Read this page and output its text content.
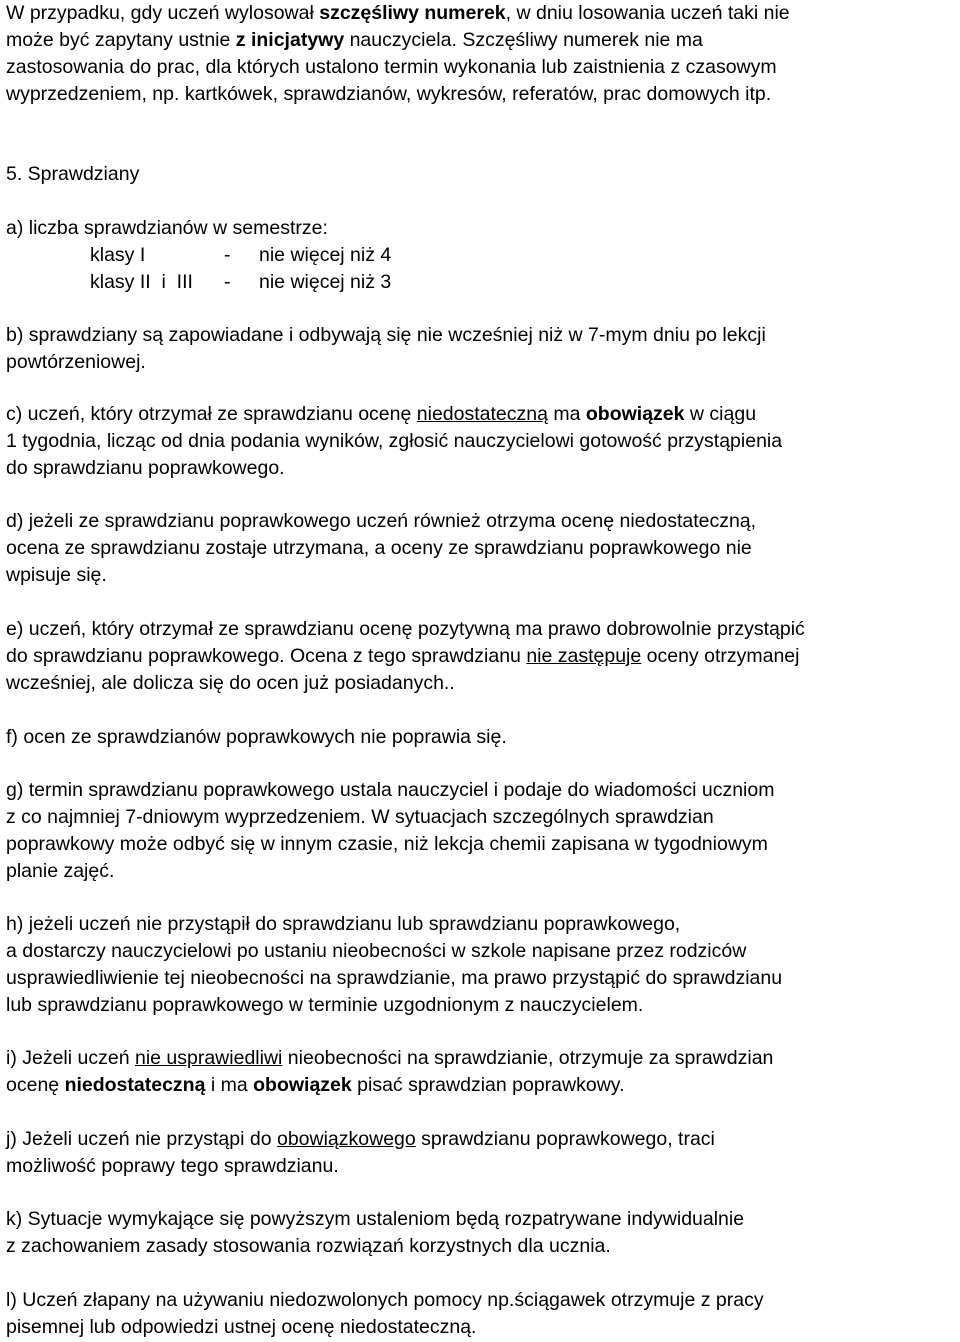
W przypadku, gdy uczeń wylosował szczęśliwy numerek, w dniu losowania uczeń taki nie
może być zapytany ustnie z inicjatywy nauczyciela. Szczęśliwy numerek nie ma
zastosowania do prac, dla których ustalono termin wykonania lub zaistnienia z czasowym
wyprzedzeniem, np. kartkówek, sprawdzianów, wykresów, referatów, prac domowych itp.
5. Sprawdziany
a) liczba sprawdzianów w semestrze:
klasy I	- nie więcej niż 4
klasy II  i  III - nie więcej niż 3
b) sprawdziany są zapowiadane i odbywają się nie wcześniej niż w 7-mym dniu po lekcji
powtórzeniowej.
c) uczeń, który otrzymał ze sprawdzianu ocenę niedostateczną ma obowiązek w ciągu
1 tygodnia, licząc od dnia podania wyników, zgłosić nauczycielowi gotowość przystąpienia
do sprawdzianu poprawkowego.
d) jeżeli ze sprawdzianu poprawkowego uczeń również otrzyma ocenę niedostateczną,
ocena ze sprawdzianu zostaje utrzymana, a oceny ze sprawdzianu poprawkowego nie
wpisuje się.
e) uczeń, który otrzymał ze sprawdzianu ocenę pozytywną ma prawo dobrowolnie przystąpić
do sprawdzianu poprawkowego. Ocena z tego sprawdzianu nie zastępuje oceny otrzymanej
wcześniej, ale dolicza się do ocen już posiadanych..
f) ocen ze sprawdzianów poprawkowych nie poprawia się.
g) termin sprawdzianu poprawkowego ustala nauczyciel i podaje do wiadomości uczniom
z co najmniej 7-dniowym wyprzedzeniem. W sytuacjach szczególnych sprawdzian
poprawkowy może odbyć się w innym czasie, niż lekcja chemii zapisana w tygodniowym
planie zajęć.
h) jeżeli uczeń nie przystąpił do sprawdzianu lub sprawdzianu poprawkowego,
a dostarczy nauczycielowi po ustaniu nieobecności w szkole napisane przez rodziców
usprawiedliwienie tej nieobecności na sprawdzianie, ma prawo przystąpić do sprawdzianu
lub sprawdzianu poprawkowego w terminie uzgodnionym z nauczycielem.
i) Jeżeli uczeń nie usprawiedliwi nieobecności na sprawdzianie, otrzymuje za sprawdzian
ocenę niedostateczną i ma obowiązek pisać sprawdzian poprawkowy.
j) Jeżeli uczeń nie przystąpi do obowiązkowego sprawdzianu poprawkowego, traci
możliwość poprawy tego sprawdzianu.
k) Sytuacje wymykające się powyższym ustaleniom będą rozpatrywane indywidualnie
z zachowaniem zasady stosowania rozwiązań korzystnych dla ucznia.
l) Uczeń złapany na używaniu niedozwolonych pomocy np.ściągawek otrzymuje z pracy
pisemnej lub odpowiedzi ustnej ocenę niedostateczną.
